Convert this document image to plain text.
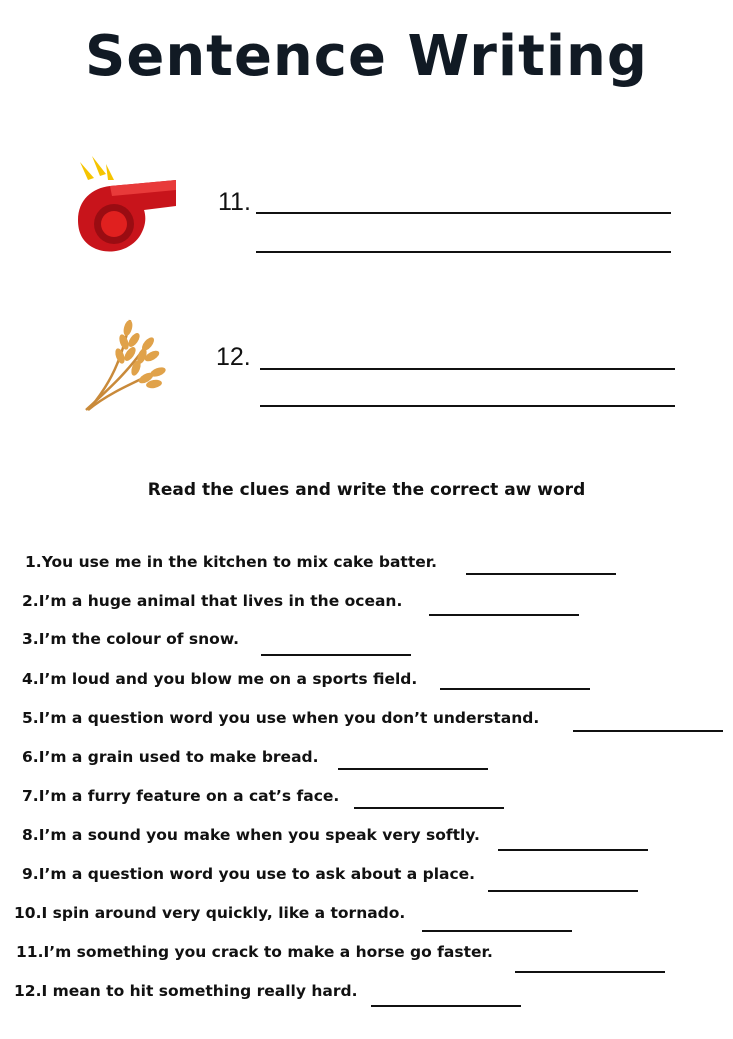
Sentence Writing
11.
12.
Read the clues and write the correct aw word
1.You use me in the kitchen to mix cake batter.
2.I’m a huge animal that lives in the ocean.
3.I’m the colour of snow.
4.I’m loud and you blow me on a sports field.
5.I’m a question word you use when you don’t understand.
6.I’m a grain used to make bread.
7.I’m a furry feature on a cat’s face.
8.I’m a sound you make when you speak very softly.
9.I’m a question word you use to ask about a place.
10.I spin around very quickly, like a tornado.
11.I’m something you crack to make a horse go faster.
12.I mean to hit something really hard.
